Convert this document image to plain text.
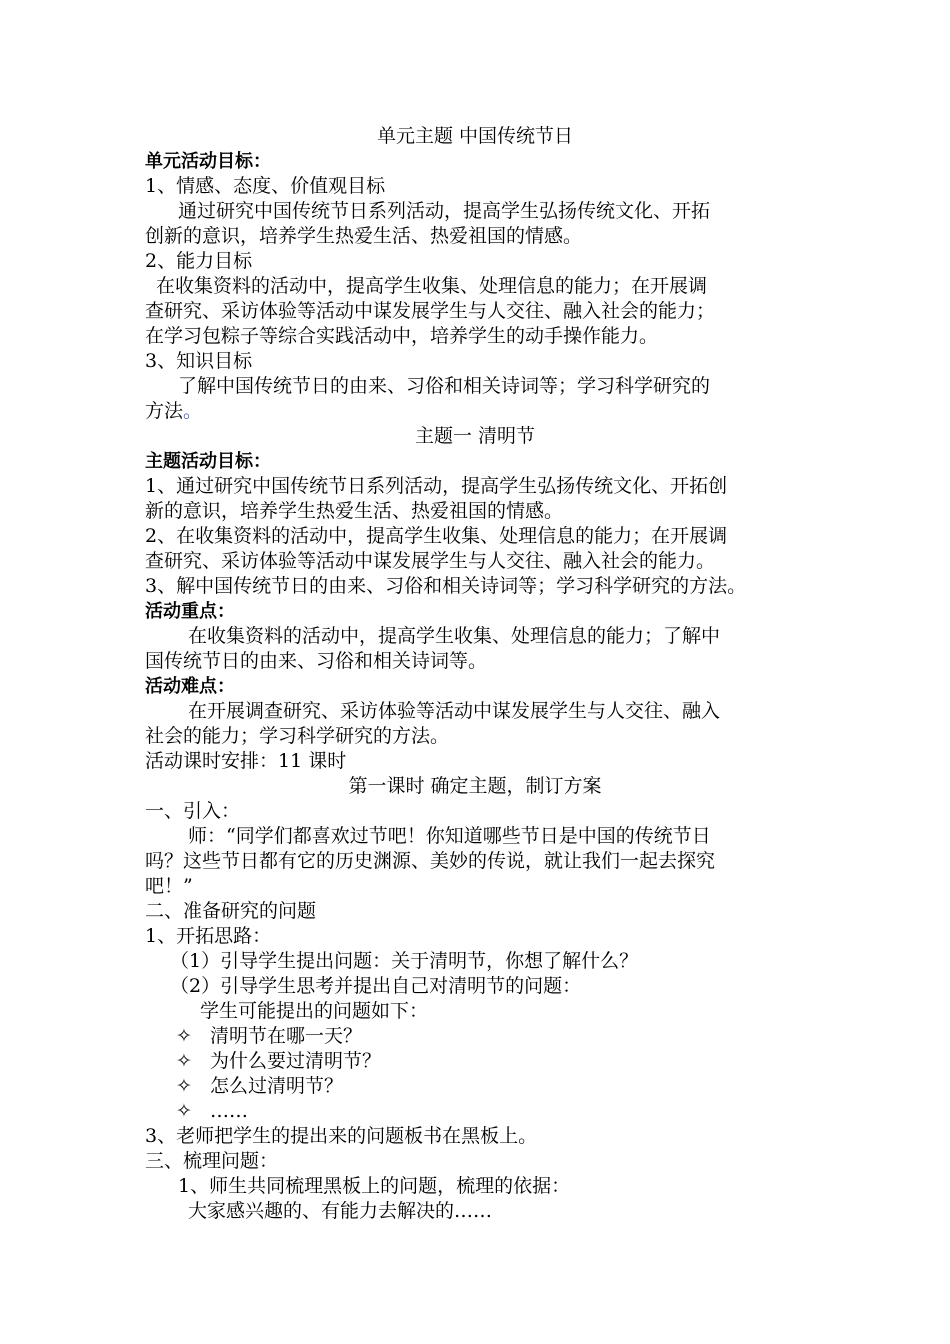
单元主题 中国传统节日
单元活动目标：
1、情感、态度、价值观目标
通过研究中国传统节日系列活动，提高学生弘扬传统文化、开拓
创新的意识，培养学生热爱生活、热爱祖国的情感。
2、能力目标
在收集资料的活动中，提高学生收集、处理信息的能力；在开展调
查研究、采访体验等活动中谋发展学生与人交往、融入社会的能力；
在学习包粽子等综合实践活动中，培养学生的动手操作能力。
3、知识目标
了解中国传统节日的由来、习俗和相关诗词等；学习科学研究的
方法。
主题一 清明节
主题活动目标：
1、通过研究中国传统节日系列活动，提高学生弘扬传统文化、开拓创
新的意识，培养学生热爱生活、热爱祖国的情感。
2、在收集资料的活动中，提高学生收集、处理信息的能力；在开展调
查研究、采访体验等活动中谋发展学生与人交往、融入社会的能力。
3、解中国传统节日的由来、习俗和相关诗词等；学习科学研究的方法。
活动重点：
在收集资料的活动中，提高学生收集、处理信息的能力；了解中
国传统节日的由来、习俗和相关诗词等。
活动难点：
在开展调查研究、采访体验等活动中谋发展学生与人交往、融入
社会的能力；学习科学研究的方法。
活动课时安排：11 课时
第一课时 确定主题，制订方案
一、引入：
师：“同学们都喜欢过节吧！你知道哪些节日是中国的传统节日
吗？这些节日都有它的历史渊源、美妙的传说，就让我们一起去探究
吧！”
二、准备研究的问题
1、开拓思路：
（1）引导学生提出问题：关于清明节，你想了解什么？
（2）引导学生思考并提出自己对清明节的问题：
学生可能提出的问题如下：
✧ 清明节在哪一天？
✧ 为什么要过清明节？
✧ 怎么过清明节？
✧ ……
3、老师把学生的提出来的问题板书在黑板上。
三、梳理问题：
1、师生共同梳理黑板上的问题，梳理的依据：
大家感兴趣的、有能力去解决的……
